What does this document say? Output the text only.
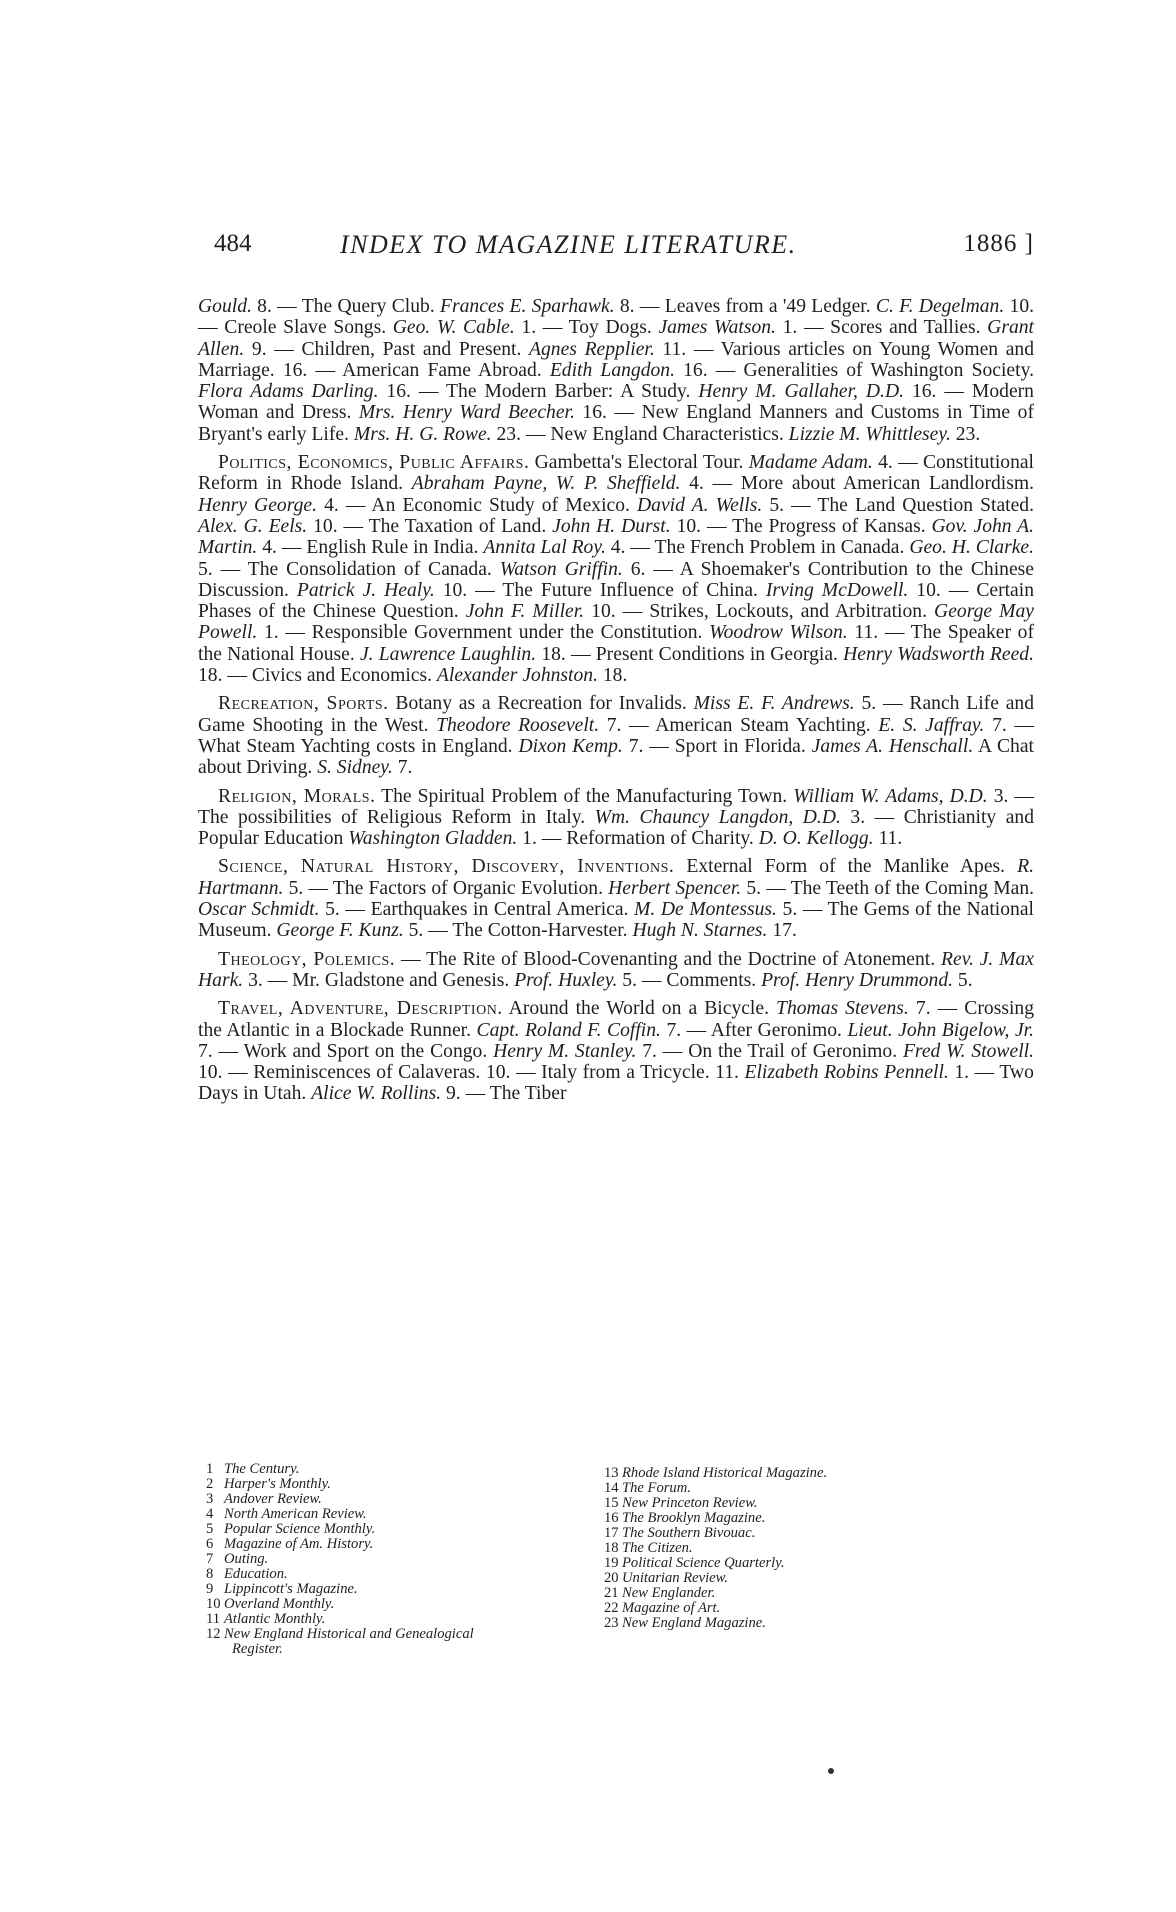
484	INDEX TO MAGAZINE LITERATURE.	1886 ]

Gould. 8. — The Query Club. Frances E. Sparhawk. 8. — Leaves from a '49 Ledger. C. F. Degelman. 10. — Creole Slave Songs. Geo. W. Cable. 1. — Toy Dogs. James Watson. 1. — Scores and Tallies. Grant Allen. 9. — Children, Past and Present. Agnes Repplier. 11. — Various articles on Young Women and Marriage. 16. — American Fame Abroad. Edith Langdon. 16. — Generalities of Washington Society. Flora Adams Darling. 16. — The Modern Barber: A Study. Henry M. Gallaher, D.D. 16. — Modern Woman and Dress. Mrs. Henry Ward Beecher. 16. — New England Manners and Customs in Time of Bryant's early Life. Mrs. H. G. Rowe. 23. — New England Characteristics. Lizzie M. Whittlesey. 23.

Politics, Economics, Public Affairs. Gambetta's Electoral Tour. Madame Adam. 4. — Constitutional Reform in Rhode Island. Abraham Payne, W. P. Sheffield. 4. — More about American Landlordism. Henry George. 4. — An Economic Study of Mexico. David A. Wells. 5. — The Land Question Stated. Alex. G. Eels. 10. — The Taxation of Land. John H. Durst. 10. — The Progress of Kansas. Gov. John A. Martin. 4. — English Rule in India. Annita Lal Roy. 4. — The French Problem in Canada. Geo. H. Clarke. 5. — The Consolidation of Canada. Watson Griffin. 6. — A Shoemaker's Contribution to the Chinese Discussion. Patrick J. Healy. 10. — The Future Influence of China. Irving McDowell. 10. — Certain Phases of the Chinese Question. John F. Miller. 10. — Strikes, Lockouts, and Arbitration. George May Powell. 1. — Responsible Government under the Constitution. Woodrow Wilson. 11. — The Speaker of the National House. J. Lawrence Laughlin. 18. — Present Conditions in Georgia. Henry Wadsworth Reed. 18. — Civics and Economics. Alexander Johnston. 18.

Recreation, Sports. Botany as a Recreation for Invalids. Miss E. F. Andrews. 5. — Ranch Life and Game Shooting in the West. Theodore Roosevelt. 7. — American Steam Yachting. E. S. Jaffray. 7. — What Steam Yachting costs in England. Dixon Kemp. 7. — Sport in Florida. James A. Henschall. A Chat about Driving. S. Sidney. 7.

Religion, Morals. The Spiritual Problem of the Manufacturing Town. William W. Adams, D.D. 3. — The possibilities of Religious Reform in Italy. Wm. Chauncy Langdon, D.D. 3. — Christianity and Popular Education Washington Gladden. 1. — Reformation of Charity. D. O. Kellogg. 11.

Science, Natural History, Discovery, Inventions. External Form of the Manlike Apes. R. Hartmann. 5. — The Factors of Organic Evolution. Herbert Spencer. 5. — The Teeth of the Coming Man. Oscar Schmidt. 5. — Earthquakes in Central America. M. De Montessus. 5. — The Gems of the National Museum. George F. Kunz. 5. — The Cotton-Harvester. Hugh N. Starnes. 17.

Theology, Polemics. — The Rite of Blood-Covenanting and the Doctrine of Atonement. Rev. J. Max Hark. 3. — Mr. Gladstone and Genesis. Prof. Huxley. 5. — Comments. Prof. Henry Drummond. 5.

Travel, Adventure, Description. Around the World on a Bicycle. Thomas Stevens. 7. — Crossing the Atlantic in a Blockade Runner. Capt. Roland F. Coffin. 7. — After Geronimo. Lieut. John Bigelow, Jr. 7. — Work and Sport on the Congo. Henry M. Stanley. 7. — On the Trail of Geronimo. Fred W. Stowell. 10. — Reminiscences of Calaveras. 10. — Italy from a Tricycle. 11. Elizabeth Robins Pennell. 1. — Two Days in Utah. Alice W. Rollins. 9. — The Tiber

1 The Century.
2 Harper's Monthly.
3 Andover Review.
4 North American Review.
5 Popular Science Monthly.
6 Magazine of Am. History.
7 Outing.
8 Education.
9 Lippincott's Magazine.
10 Overland Monthly.
11 Atlantic Monthly.
12 New England Historical and Genealogical
Register.
13 Rhode Island Historical Magazine.
14 The Forum.
15 New Princeton Review.
16 The Brooklyn Magazine.
17 The Southern Bivouac.
18 The Citizen.
19 Political Science Quarterly.
20 Unitarian Review.
21 New Englander.
22 Magazine of Art.
23 New England Magazine.
